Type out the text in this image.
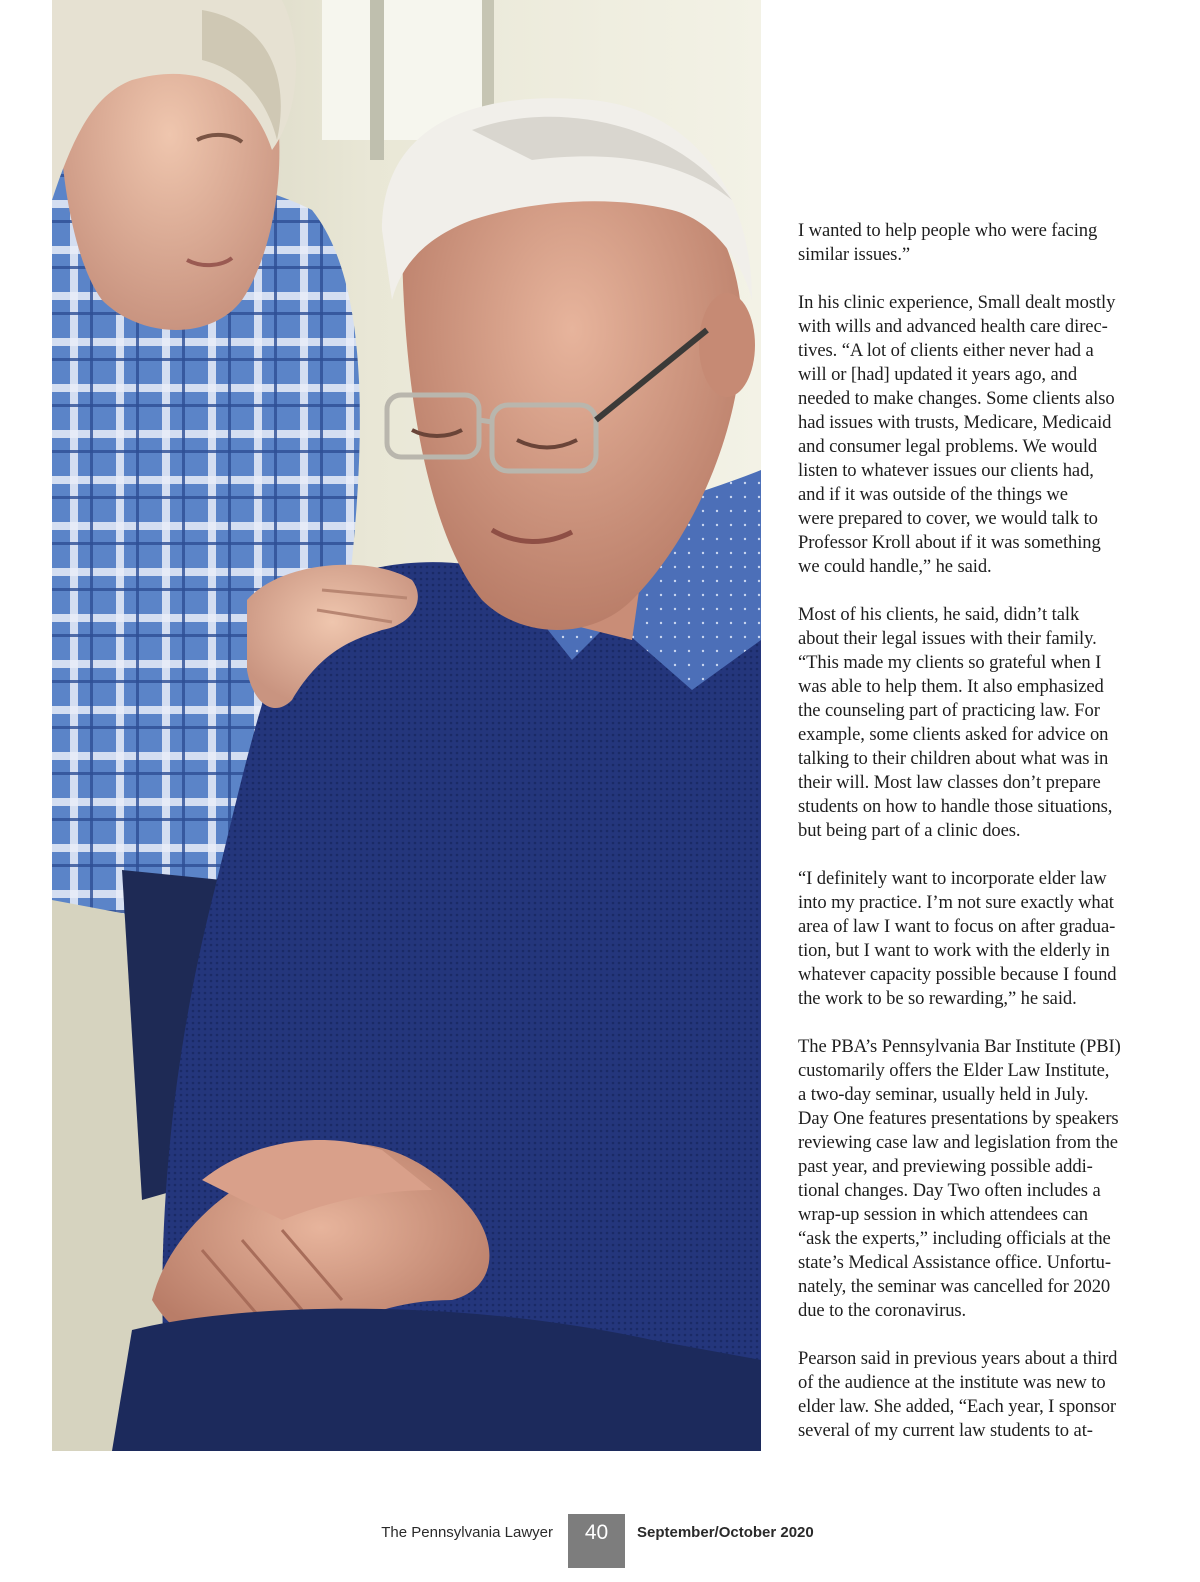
I wanted to help people who were facing
similar issues.”

In his clinic experience, Small dealt mostly
with wills and advanced health care direc-
tives. “A lot of clients either never had a
will or [had] updated it years ago, and
needed to make changes. Some clients also
had issues with trusts, Medicare, Medicaid
and consumer legal problems. We would
listen to whatever issues our clients had,
and if it was outside of the things we
were prepared to cover, we would talk to
Professor Kroll about if it was something
we could handle,” he said.

Most of his clients, he said, didn’t talk
about their legal issues with their family.
“This made my clients so grateful when I
was able to help them. It also emphasized
the counseling part of practicing law. For
example, some clients asked for advice on
talking to their children about what was in
their will. Most law classes don’t prepare
students on how to handle those situations,
but being part of a clinic does.

“I definitely want to incorporate elder law
into my practice. I’m not sure exactly what
area of law I want to focus on after gradua-
tion, but I want to work with the elderly in
whatever capacity possible because I found
the work to be so rewarding,” he said.

The PBA’s Pennsylvania Bar Institute (PBI)
customarily offers the Elder Law Institute,
a two-day seminar, usually held in July.
Day One features presentations by speakers
reviewing case law and legislation from the
past year, and previewing possible addi-
tional changes. Day Two often includes a
wrap-up session in which attendees can
“ask the experts,” including officials at the
state’s Medical Assistance office. Unfortu-
nately, the seminar was cancelled for 2020
due to the coronavirus.

Pearson said in previous years about a third
of the audience at the institute was new to
elder law. She added, “Each year, I sponsor
several of my current law students to at-

The Pennsylvania Lawyer	40	September/October 2020
